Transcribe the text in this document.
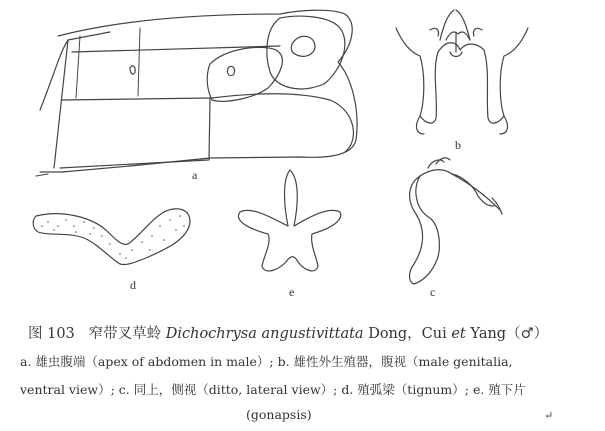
a
b
c
d	e
图 103 窄带叉草蛉 Dichochrysa angustivittata Dong，Cui et Yang（♂）
a. 雄虫腹端（apex of abdomen in male）; b. 雄性外生殖器，腹视（male genitalia,
ventral view）; c. 同上，侧视（ditto, lateral view）; d. 殖弧梁（tignum）; e. 殖下片
(gonapsis)	↵
